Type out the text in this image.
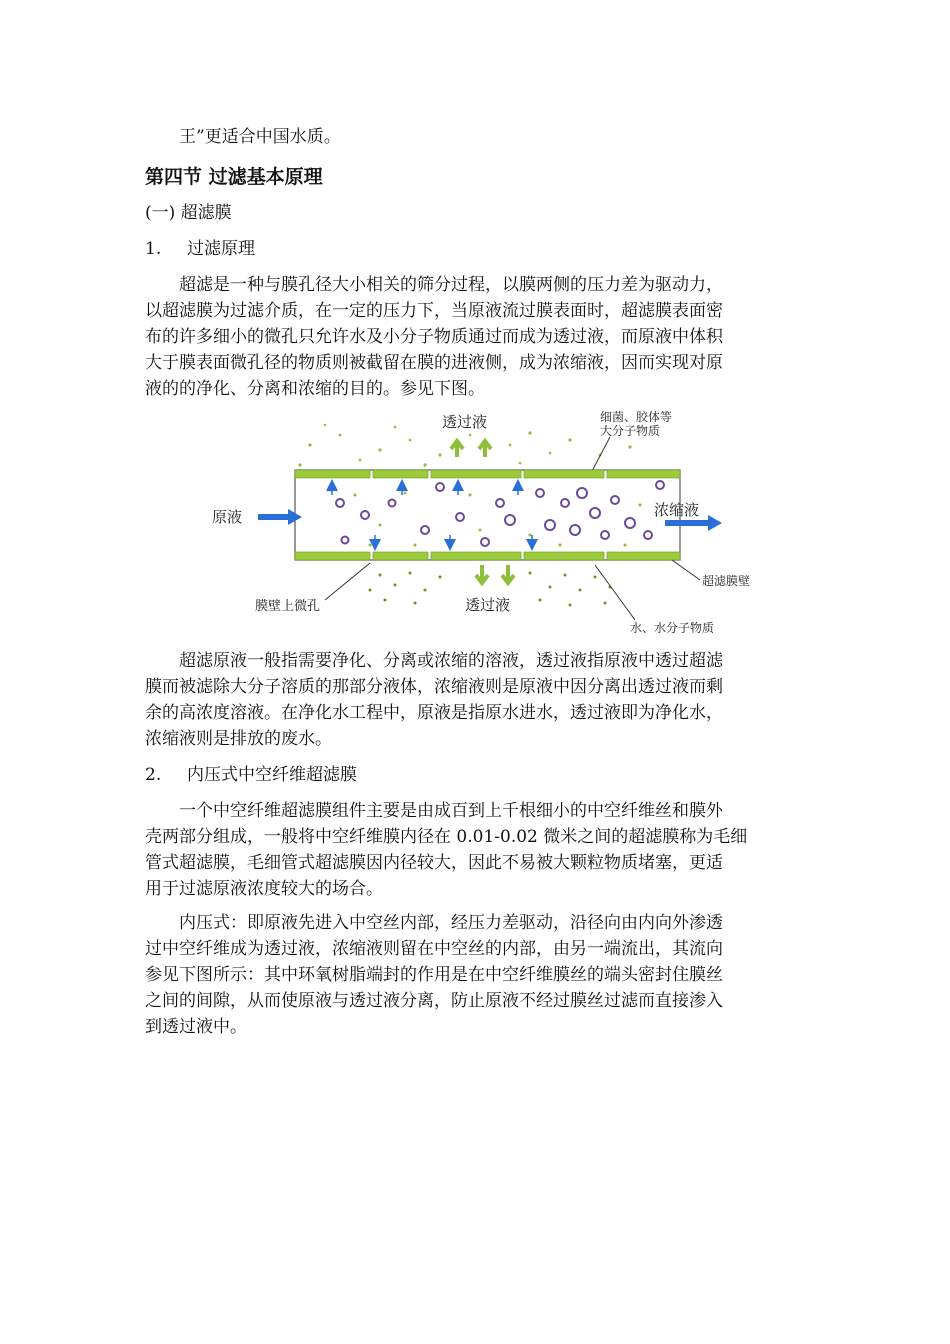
王”更适合中国水质。

第四节 过滤基本原理

(一) 超滤膜

1. 过滤原理

超滤是一种与膜孔径大小相关的筛分过程，以膜两侧的压力差为驱动力，
以超滤膜为过滤介质，在一定的压力下，当原液流过膜表面时，超滤膜表面密
布的许多细小的微孔只允许水及小分子物质通过而成为透过液，而原液中体积
大于膜表面微孔径的物质则被截留在膜的进液侧，成为浓缩液，因而实现对原
液的的净化、分离和浓缩的目的。参见下图。

透过液	细菌、胶体等
大分子物质
原液	浓缩液
透过液
膜壁上微孔
超滤膜壁
水、水分子物质

超滤原液一般指需要净化、分离或浓缩的溶液，透过液指原液中透过超滤
膜而被滤除大分子溶质的那部分液体，浓缩液则是原液中因分离出透过液而剩
余的高浓度溶液。在净化水工程中，原液是指原水进水，透过液即为净化水，
浓缩液则是排放的废水。

2. 内压式中空纤维超滤膜

一个中空纤维超滤膜组件主要是由成百到上千根细小的中空纤维丝和膜外
壳两部分组成，一般将中空纤维膜内径在 0.01-0.02 微米之间的超滤膜称为毛细
管式超滤膜，毛细管式超滤膜因内径较大，因此不易被大颗粒物质堵塞，更适
用于过滤原液浓度较大的场合。

内压式：即原液先进入中空丝内部，经压力差驱动，沿径向由内向外渗透
过中空纤维成为透过液，浓缩液则留在中空丝的内部，由另一端流出，其流向
参见下图所示：其中环氧树脂端封的作用是在中空纤维膜丝的端头密封住膜丝
之间的间隙，从而使原液与透过液分离，防止原液不经过膜丝过滤而直接渗入
到透过液中。
